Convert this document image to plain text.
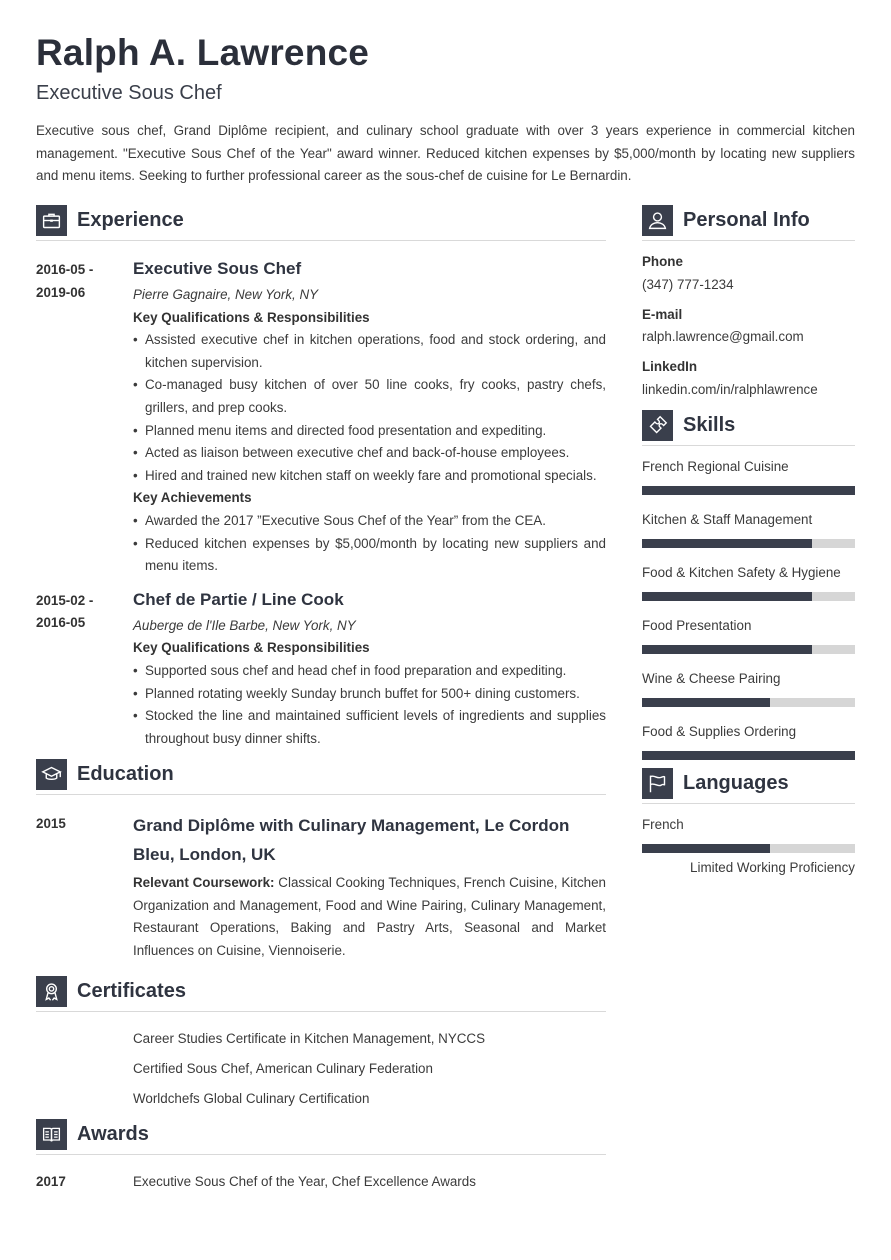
Ralph A. Lawrence
Executive Sous Chef
Executive sous chef, Grand Diplôme recipient, and culinary school graduate with over 3 years experience in commercial kitchen management. "Executive Sous Chef of the Year" award winner. Reduced kitchen expenses by $5,000/month by locating new suppliers and menu items. Seeking to further professional career as the sous-chef de cuisine for Le Bernardin.
Experience
2016-05 - 2019-06
Executive Sous Chef
Pierre Gagnaire, New York, NY
Key Qualifications & Responsibilities
• Assisted executive chef in kitchen operations, food and stock ordering, and kitchen supervision.
• Co-managed busy kitchen of over 50 line cooks, fry cooks, pastry chefs, grillers, and prep cooks.
• Planned menu items and directed food presentation and expediting.
• Acted as liaison between executive chef and back-of-house employees.
• Hired and trained new kitchen staff on weekly fare and promotional specials.
Key Achievements
• Awarded the 2017 ”Executive Sous Chef of the Year” from the CEA.
• Reduced kitchen expenses by $5,000/month by locating new suppliers and menu items.
2015-02 - 2016-05
Chef de Partie / Line Cook
Auberge de l'Ile Barbe, New York, NY
Key Qualifications & Responsibilities
• Supported sous chef and head chef in food preparation and expediting.
• Planned rotating weekly Sunday brunch buffet for 500+ dining customers.
• Stocked the line and maintained sufficient levels of ingredients and supplies throughout busy dinner shifts.
Education
2015	Grand Diplôme with Culinary Management, Le Cordon Bleu, London, UK
Relevant Coursework: Classical Cooking Techniques, French Cuisine, Kitchen Organization and Management, Food and Wine Pairing, Culinary Management, Restaurant Operations, Baking and Pastry Arts, Seasonal and Market Influences on Cuisine, Viennoiserie.
Certificates
Career Studies Certificate in Kitchen Management, NYCCS
Certified Sous Chef, American Culinary Federation
Worldchefs Global Culinary Certification
Awards
2017	Executive Sous Chef of the Year, Chef Excellence Awards
Personal Info
Phone
(347) 777-1234
E-mail
ralph.lawrence@gmail.com
LinkedIn
linkedin.com/in/ralphlawrence
Skills
French Regional Cuisine
Kitchen & Staff Management
Food & Kitchen Safety & Hygiene
Food Presentation
Wine & Cheese Pairing
Food & Supplies Ordering
Languages
French
Limited Working Proficiency
